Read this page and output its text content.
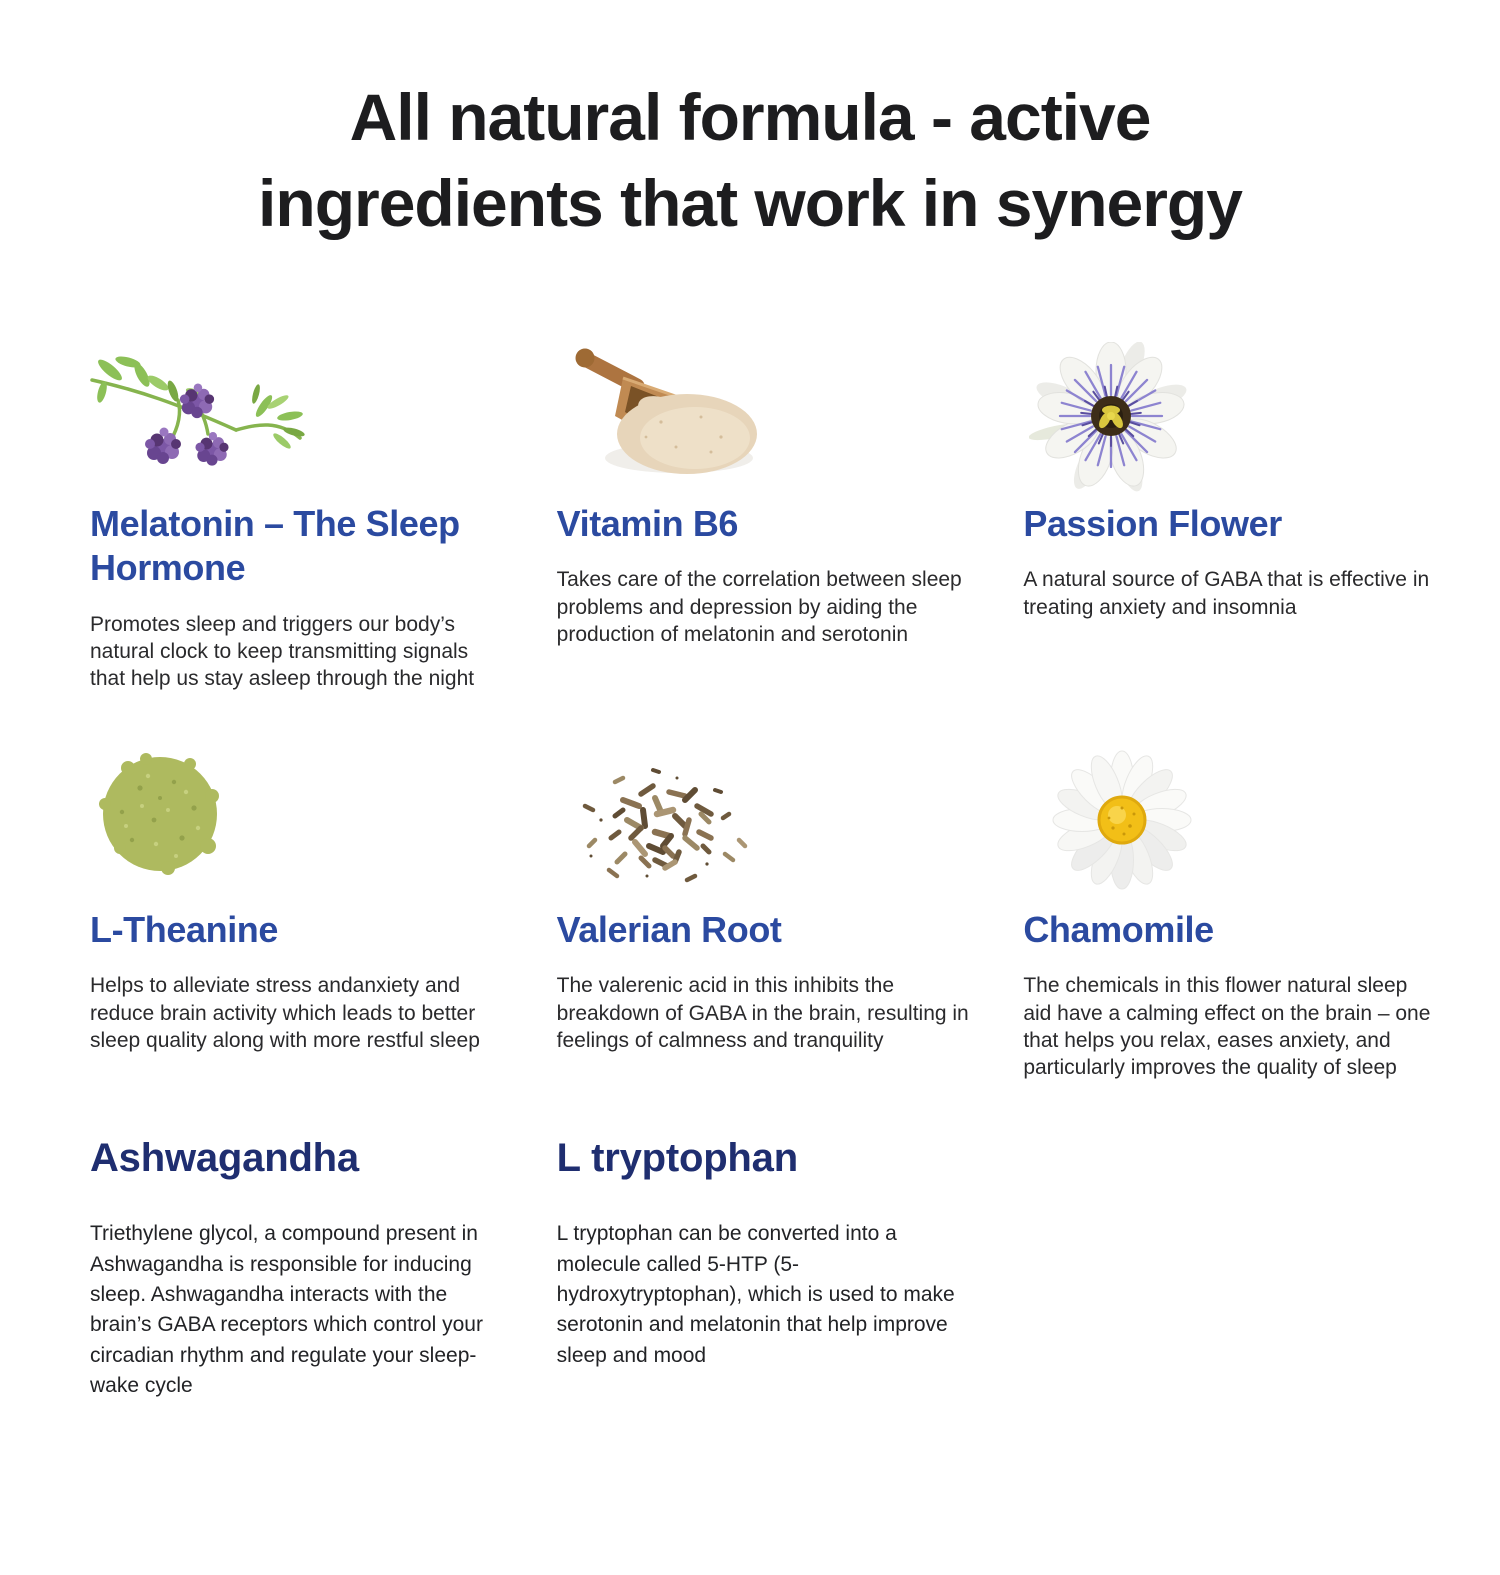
All natural formula - active
ingredients that work in synergy
Melatonin – The Sleep Hormone

Promotes sleep and triggers our body’s natural clock to keep transmitting signals that help us stay asleep through the night

Vitamin B6

Takes care of the correlation between sleep problems and depression by aiding the production of melatonin and serotonin

Passion Flower

A natural source of GABA that is effective in treating anxiety and insomnia

L-Theanine

Helps to alleviate stress andanxiety and reduce brain activity which leads to better sleep quality along with more restful sleep

Valerian Root

The valerenic acid in this inhibits the breakdown of GABA in the brain, resulting in feelings of calmness and tranquility

Chamomile

The chemicals in this flower natural sleep aid have a calming effect on the brain – one that helps you relax, eases anxiety, and particularly improves the quality of sleep

Ashwagandha

Triethylene glycol, a compound present in Ashwagandha is responsible for inducing sleep. Ashwagandha interacts with the brain’s GABA receptors which control your circadian rhythm and regulate your sleep-wake cycle

L tryptophan

L tryptophan can be converted into a molecule called 5-HTP (5-hydroxytryptophan), which is used to make serotonin and melatonin that help improve sleep and mood
